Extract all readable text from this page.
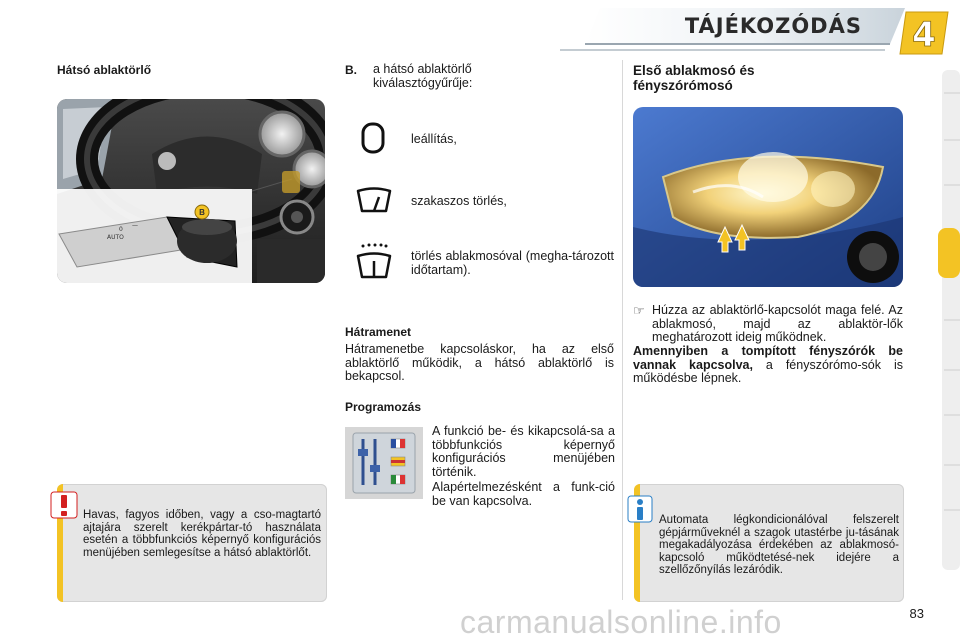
TÁJÉKOZÓDÁS 4
Hátsó ablaktörlő
AUTO
0
—
B
Havas, fagyos időben, vagy a cso-magtartó ajtajára szerelt kerékpártar-tó használata esetén a többfunkciós képernyő konfigurációs menüjében semlegesítse a hátsó ablaktörlőt.
B. a hátsó ablaktörlő kiválasztógyűrűje:
leállítás,
szakaszos törlés,
törlés ablakmosóval (megha-tározott időtartam).
Hátramenet
Hátramenetbe kapcsoláskor, ha az első ablaktörlő működik, a hátsó ablaktörlő is bekapcsol.
Programozás
A funkció be- és kikapcsolá-sa a többfunkciós képernyő konfigurációs menüjében történik.
Alapértelmezésként a funk-ció be van kapcsolva.
Első ablakmosó és fényszórómosó
☞ Húzza az ablaktörlő-kapcsolót maga felé. Az ablakmosó, majd az ablaktör-lők meghatározott ideig működnek.
Amennyiben a tompított fényszórók be vannak kapcsolva, a fényszórómo-sók is működésbe lépnek.
Automata légkondicionálóval felszerelt gépjárműveknél a szagok utastérbe ju-tásának megakadályozása érdekében az ablakmosó-kapcsoló működtetésé-nek idejére a szellőzőnyílás lezáródik.
carmanualsonline.info	83
